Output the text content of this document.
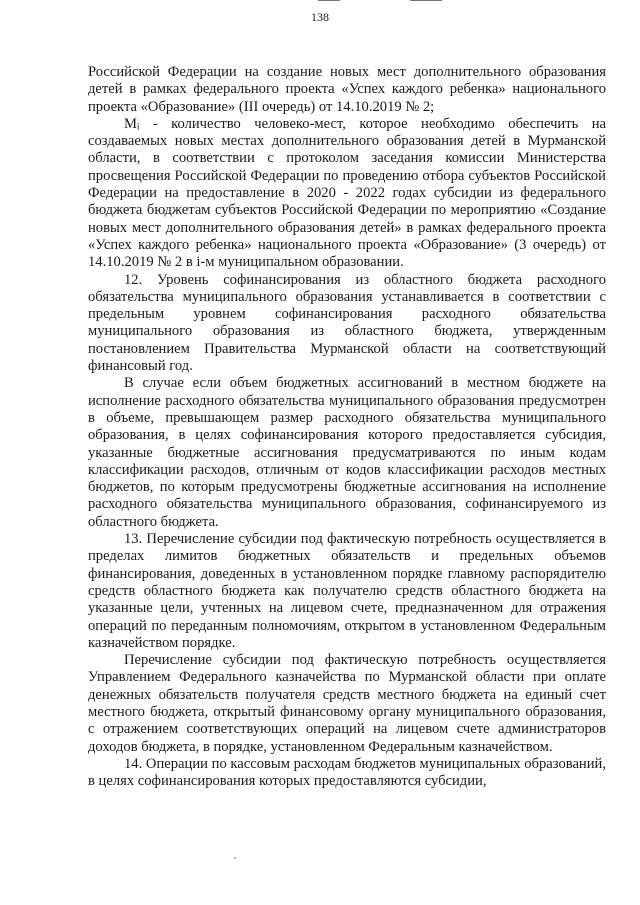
138

Российской Федерации на создание новых мест дополнительного образования детей в рамках федерального проекта «Успех каждого ребенка» национального проекта «Образование» (III очередь) от 14.10.2019 № 2;

Mᵢ - количество человеко-мест, которое необходимо обеспечить на создаваемых новых местах дополнительного образования детей в Мурманской области, в соответствии с протоколом заседания комиссии Министерства просвещения Российской Федерации по проведению отбора субъектов Российской Федерации на предоставление в 2020 - 2022 годах субсидии из федерального бюджета бюджетам субъектов Российской Федерации по мероприятию «Создание новых мест дополнительного образования детей» в рамках федерального проекта «Успех каждого ребенка» национального проекта «Образование» (3 очередь) от 14.10.2019 № 2 в i-м муниципальном образовании.

12. Уровень софинансирования из областного бюджета расходного обязательства муниципального образования устанавливается в соответствии с предельным уровнем софинансирования расходного обязательства муниципального образования из областного бюджета, утвержденным постановлением Правительства Мурманской области на соответствующий финансовый год.

В случае если объем бюджетных ассигнований в местном бюджете на исполнение расходного обязательства муниципального образования предусмотрен в объеме, превышающем размер расходного обязательства муниципального образования, в целях софинансирования которого предоставляется субсидия, указанные бюджетные ассигнования предусматриваются по иным кодам классификации расходов, отличным от кодов классификации расходов местных бюджетов, по которым предусмотрены бюджетные ассигнования на исполнение расходного обязательства муниципального образования, софинансируемого из областного бюджета.

13. Перечисление субсидии под фактическую потребность осуществляется в пределах лимитов бюджетных обязательств и предельных объемов финансирования, доведенных в установленном порядке главному распорядителю средств областного бюджета как получателю средств областного бюджета на указанные цели, учтенных на лицевом счете, предназначенном для отражения операций по переданным полномочиям, открытом в установленном Федеральным казначейством порядке.

Перечисление субсидии под фактическую потребность осуществляется Управлением Федерального казначейства по Мурманской области при оплате денежных обязательств получателя средств местного бюджета на единый счет местного бюджета, открытый финансовому органу муниципального образования, с отражением соответствующих операций на лицевом счете администраторов доходов бюджета, в порядке, установленном Федеральным казначейством.

14. Операции по кассовым расходам бюджетов муниципальных образований, в целях софинансирования которых предоставляются субсидии,
